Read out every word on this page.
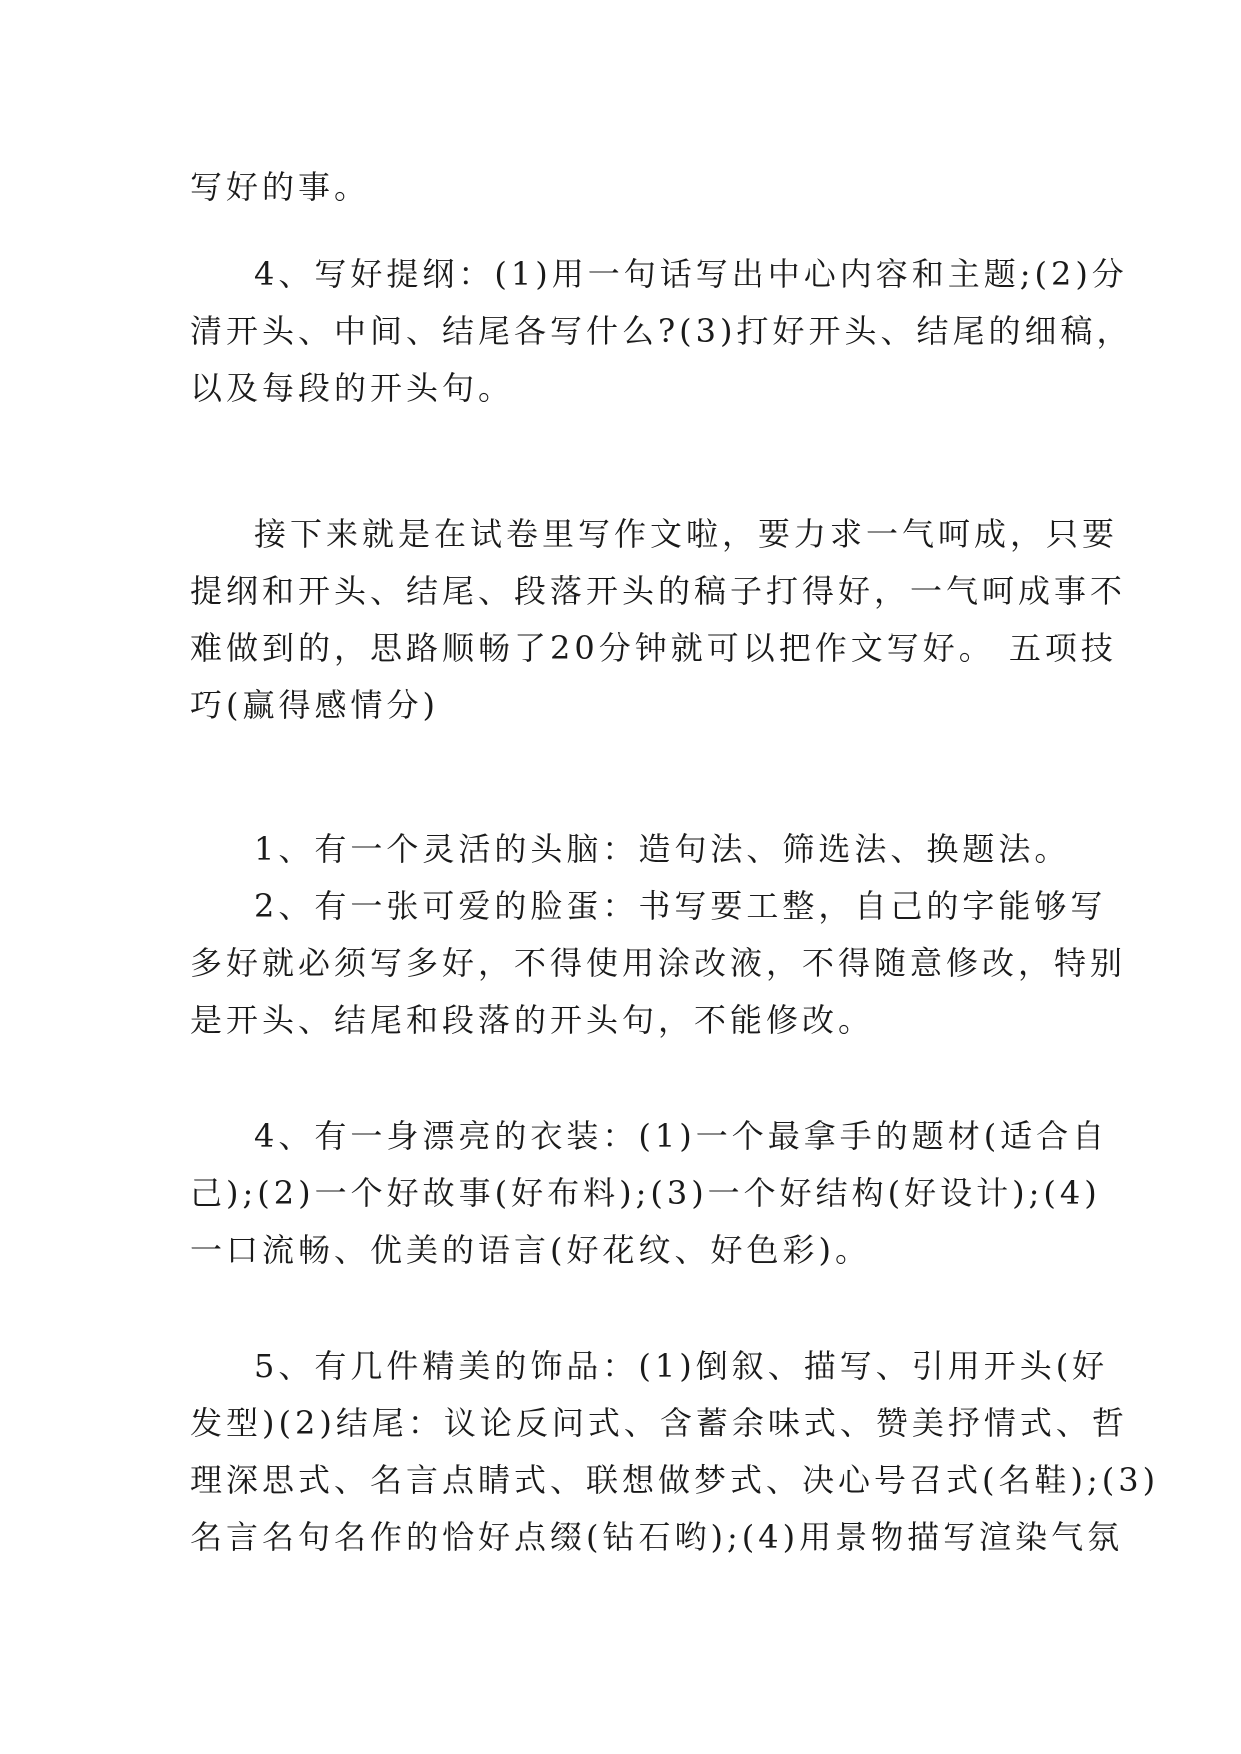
写好的事。
4、写好提纲：(1)用一句话写出中心内容和主题;(2)分
清开头、中间、结尾各写什么?(3)打好开头、结尾的细稿，
以及每段的开头句。
接下来就是在试卷里写作文啦，要力求一气呵成，只要
提纲和开头、结尾、段落开头的稿子打得好，一气呵成事不
难做到的，思路顺畅了20分钟就可以把作文写好。 五项技
巧(赢得感情分)
1、有一个灵活的头脑：造句法、筛选法、换题法。
2、有一张可爱的脸蛋：书写要工整，自己的字能够写
多好就必须写多好，不得使用涂改液，不得随意修改，特别
是开头、结尾和段落的开头句，不能修改。
4、有一身漂亮的衣装：(1)一个最拿手的题材(适合自
己);(2)一个好故事(好布料);(3)一个好结构(好设计);(4)
一口流畅、优美的语言(好花纹、好色彩)。
5、有几件精美的饰品：(1)倒叙、描写、引用开头(好
发型)(2)结尾：议论反问式、含蓄余味式、赞美抒情式、哲
理深思式、名言点睛式、联想做梦式、决心号召式(名鞋);(3)
名言名句名作的恰好点缀(钻石哟);(4)用景物描写渲染气氛
